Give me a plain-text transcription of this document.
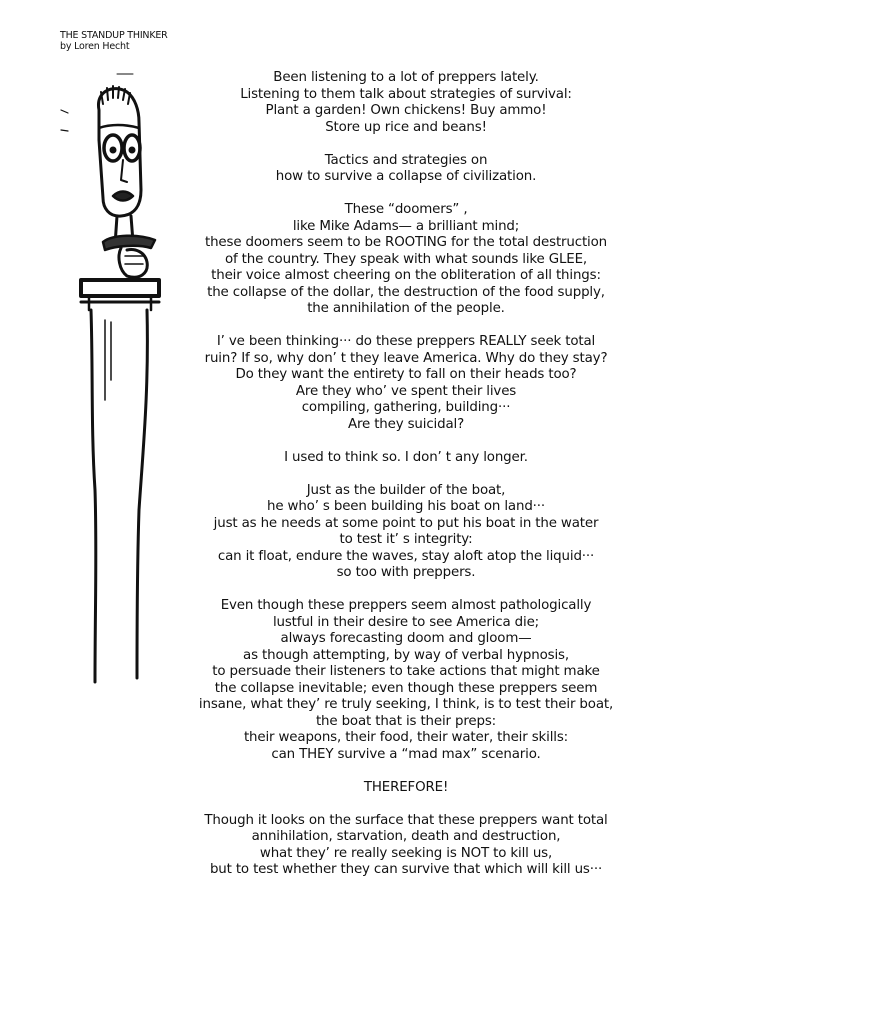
THE STANDUP THINKER
by Loren Hecht
Been listening to a lot of preppers lately.
Listening to them talk about strategies of survival:
Plant a garden! Own chickens! Buy ammo!
Store up rice and beans!
Tactics and strategies on
how to survive a collapse of civilization.
These “doomers” ,
like Mike Adams— a brilliant mind;
these doomers seem to be ROOTING for the total destruction
of the country. They speak with what sounds like GLEE,
their voice almost cheering on the obliteration of all things:
the collapse of the dollar, the destruction of the food supply,
the annihilation of the people.
I’ ve been thinking··· do these preppers REALLY seek total
ruin? If so, why don’ t they leave America. Why do they stay?
Do they want the entirety to fall on their heads too?
Are they who’ ve spent their lives
compiling, gathering, building···
Are they suicidal?
I used to think so. I don’ t any longer.
Just as the builder of the boat,
he who’ s been building his boat on land···
just as he needs at some point to put his boat in the water
to test it’ s integrity:
can it float, endure the waves, stay aloft atop the liquid···
so too with preppers.
Even though these preppers seem almost pathologically
lustful in their desire to see America die;
always forecasting doom and gloom—
as though attempting, by way of verbal hypnosis,
to persuade their listeners to take actions that might make
the collapse inevitable; even though these preppers seem
insane, what they’ re truly seeking, I think, is to test their boat,
the boat that is their preps:
their weapons, their food, their water, their skills:
can THEY survive a “mad max” scenario.
THEREFORE!
Though it looks on the surface that these preppers want total
annihilation, starvation, death and destruction,
what they’ re really seeking is NOT to kill us,
but to test whether they can survive that which will kill us···
